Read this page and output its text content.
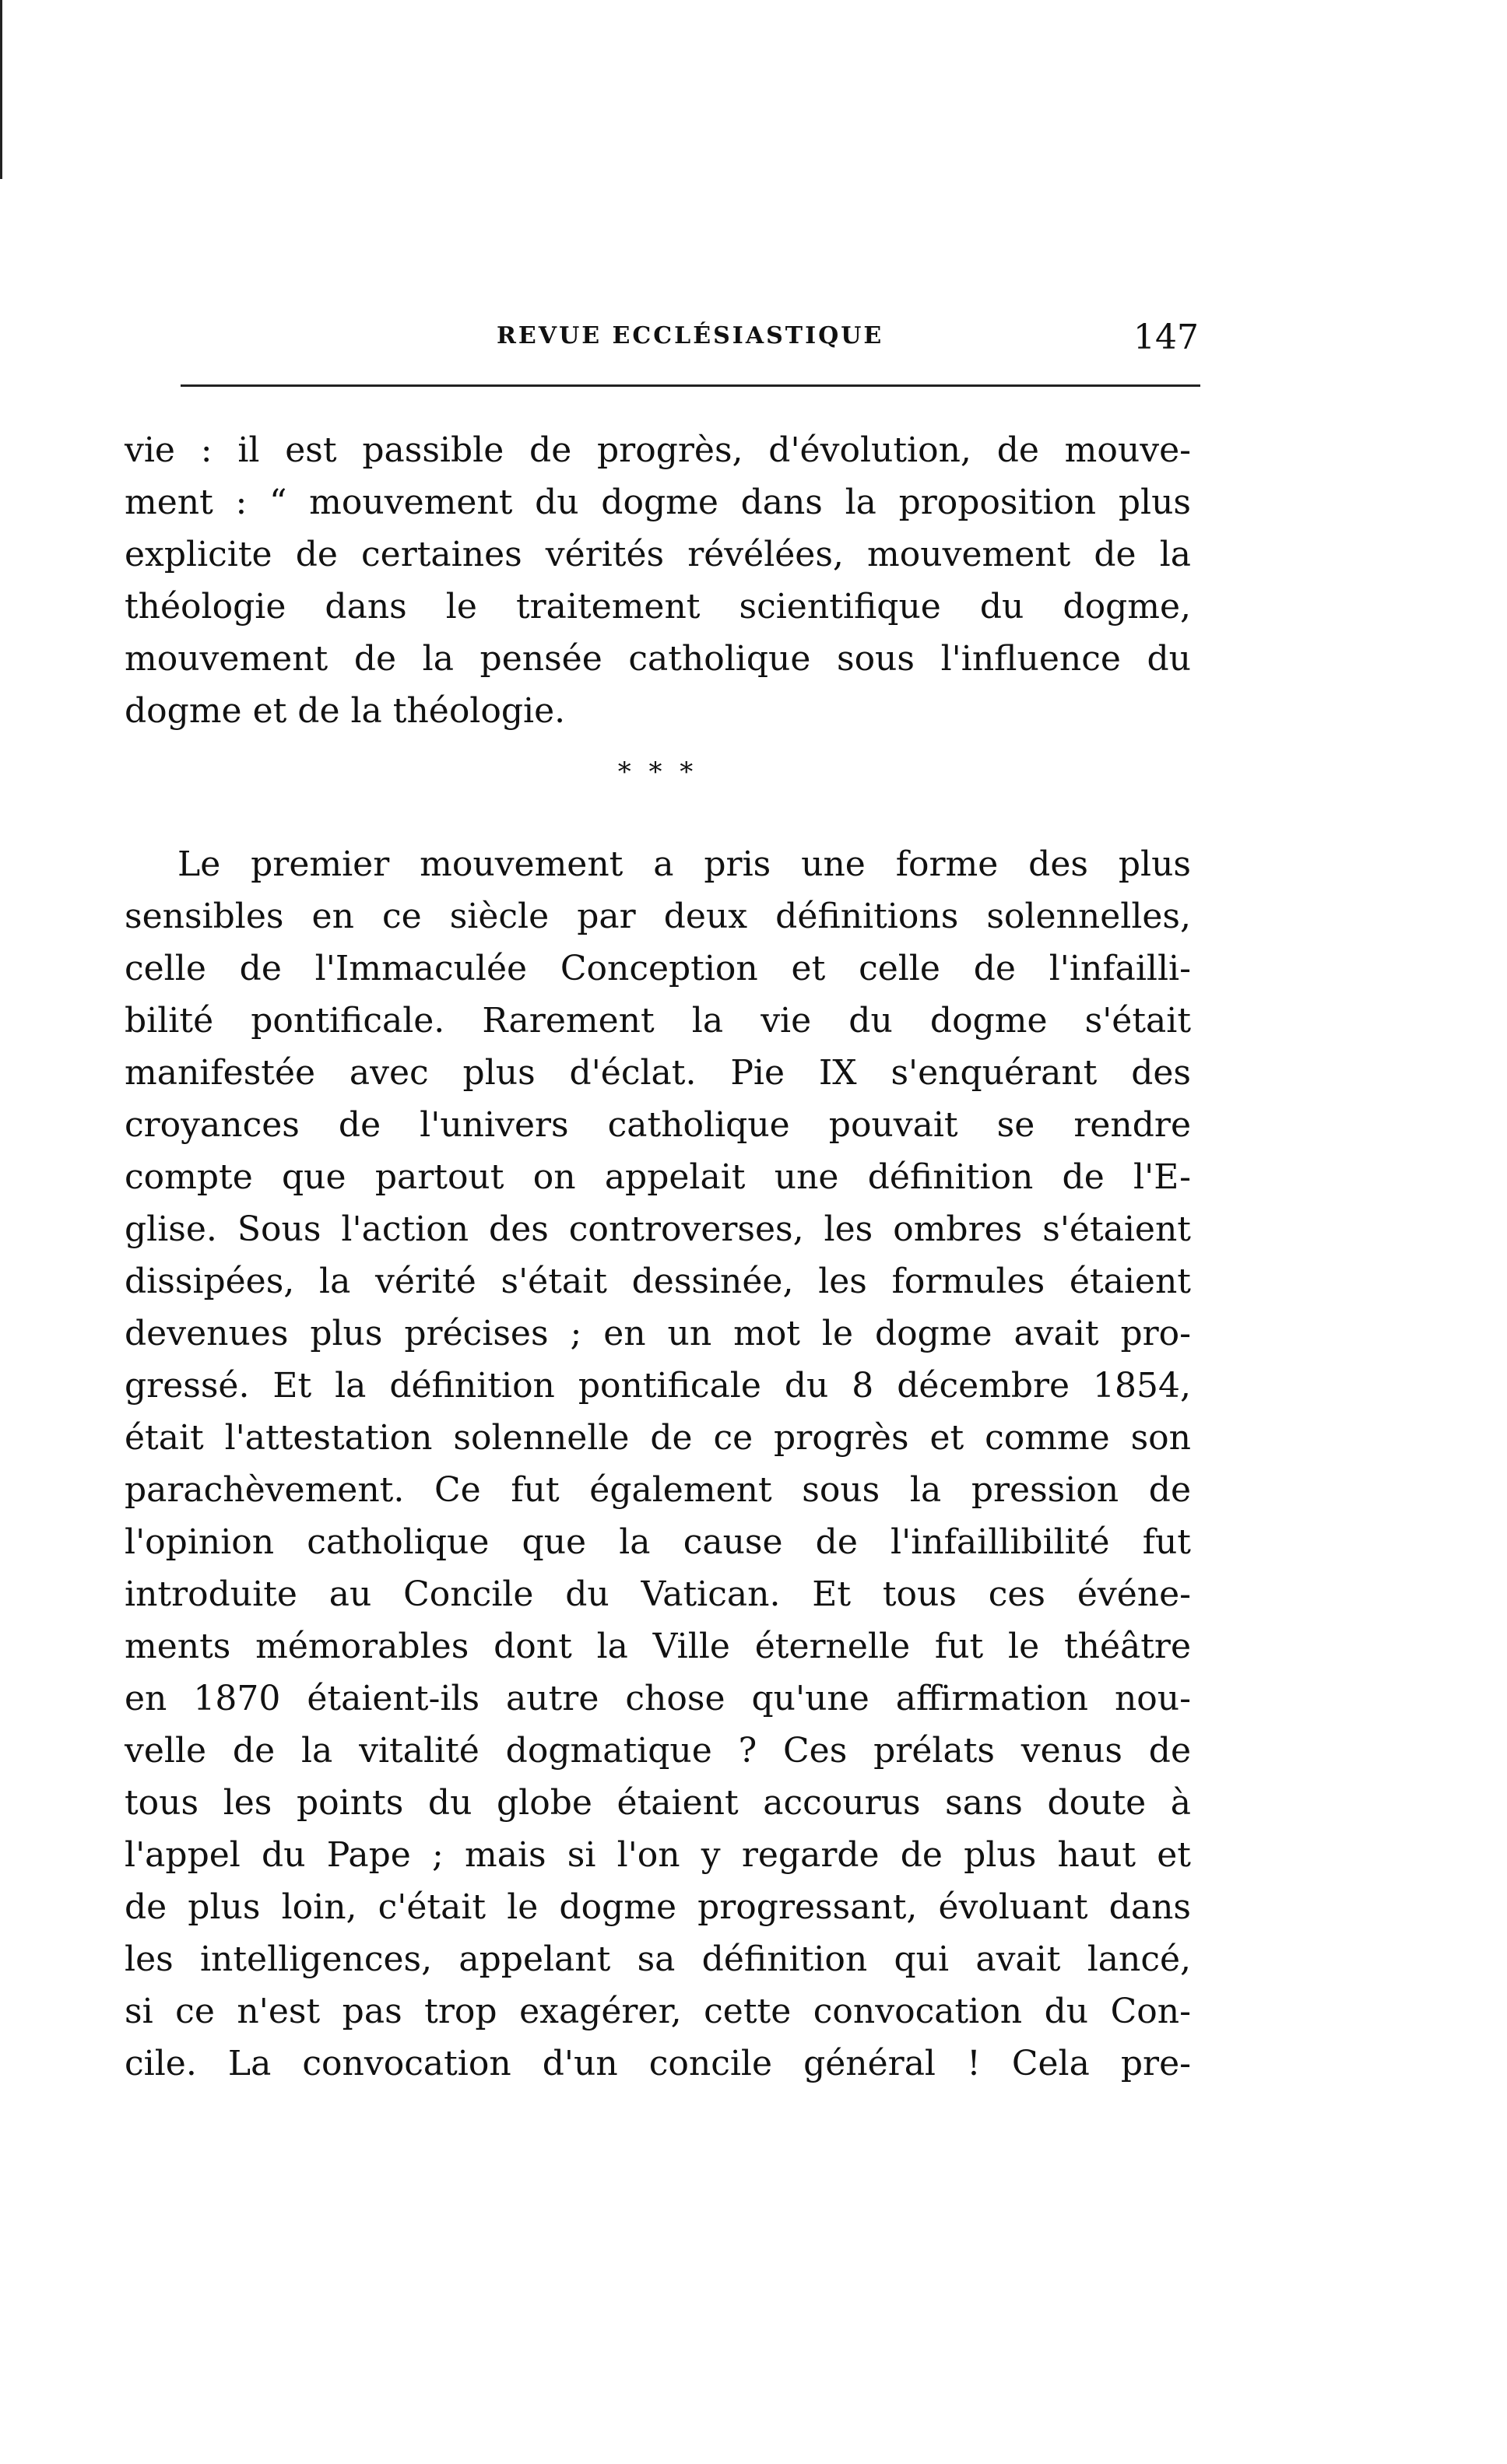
REVUE ECCLÉSIASTIQUE	147
vie : il est passible de progrès, d'évolution, de mouve-
ment : “ mouvement du dogme dans la proposition plus
explicite de certaines vérités révélées, mouvement de la
théologie dans le traitement scientifique du dogme,
mouvement de la pensée catholique sous l'influence du
dogme et de la théologie.
* * *
Le premier mouvement a pris une forme des plus
sensibles en ce siècle par deux définitions solennelles,
celle de l'Immaculée Conception et celle de l'infailli-
bilité pontificale. Rarement la vie du dogme s'était
manifestée avec plus d'éclat. Pie IX s'enquérant des
croyances de l'univers catholique pouvait se rendre
compte que partout on appelait une définition de l'E-
glise. Sous l'action des controverses, les ombres s'étaient
dissipées, la vérité s'était dessinée, les formules étaient
devenues plus précises ; en un mot le dogme avait pro-
gressé. Et la définition pontificale du 8 décembre 1854,
était l'attestation solennelle de ce progrès et comme son
parachèvement. Ce fut également sous la pression de
l'opinion catholique que la cause de l'infaillibilité fut
introduite au Concile du Vatican. Et tous ces événe-
ments mémorables dont la Ville éternelle fut le théâtre
en 1870 étaient-ils autre chose qu'une affirmation nou-
velle de la vitalité dogmatique ? Ces prélats venus de
tous les points du globe étaient accourus sans doute à
l'appel du Pape ; mais si l'on y regarde de plus haut et
de plus loin, c'était le dogme progressant, évoluant dans
les intelligences, appelant sa définition qui avait lancé,
si ce n'est pas trop exagérer, cette convocation du Con-
cile. La convocation d'un concile général ! Cela pre-
